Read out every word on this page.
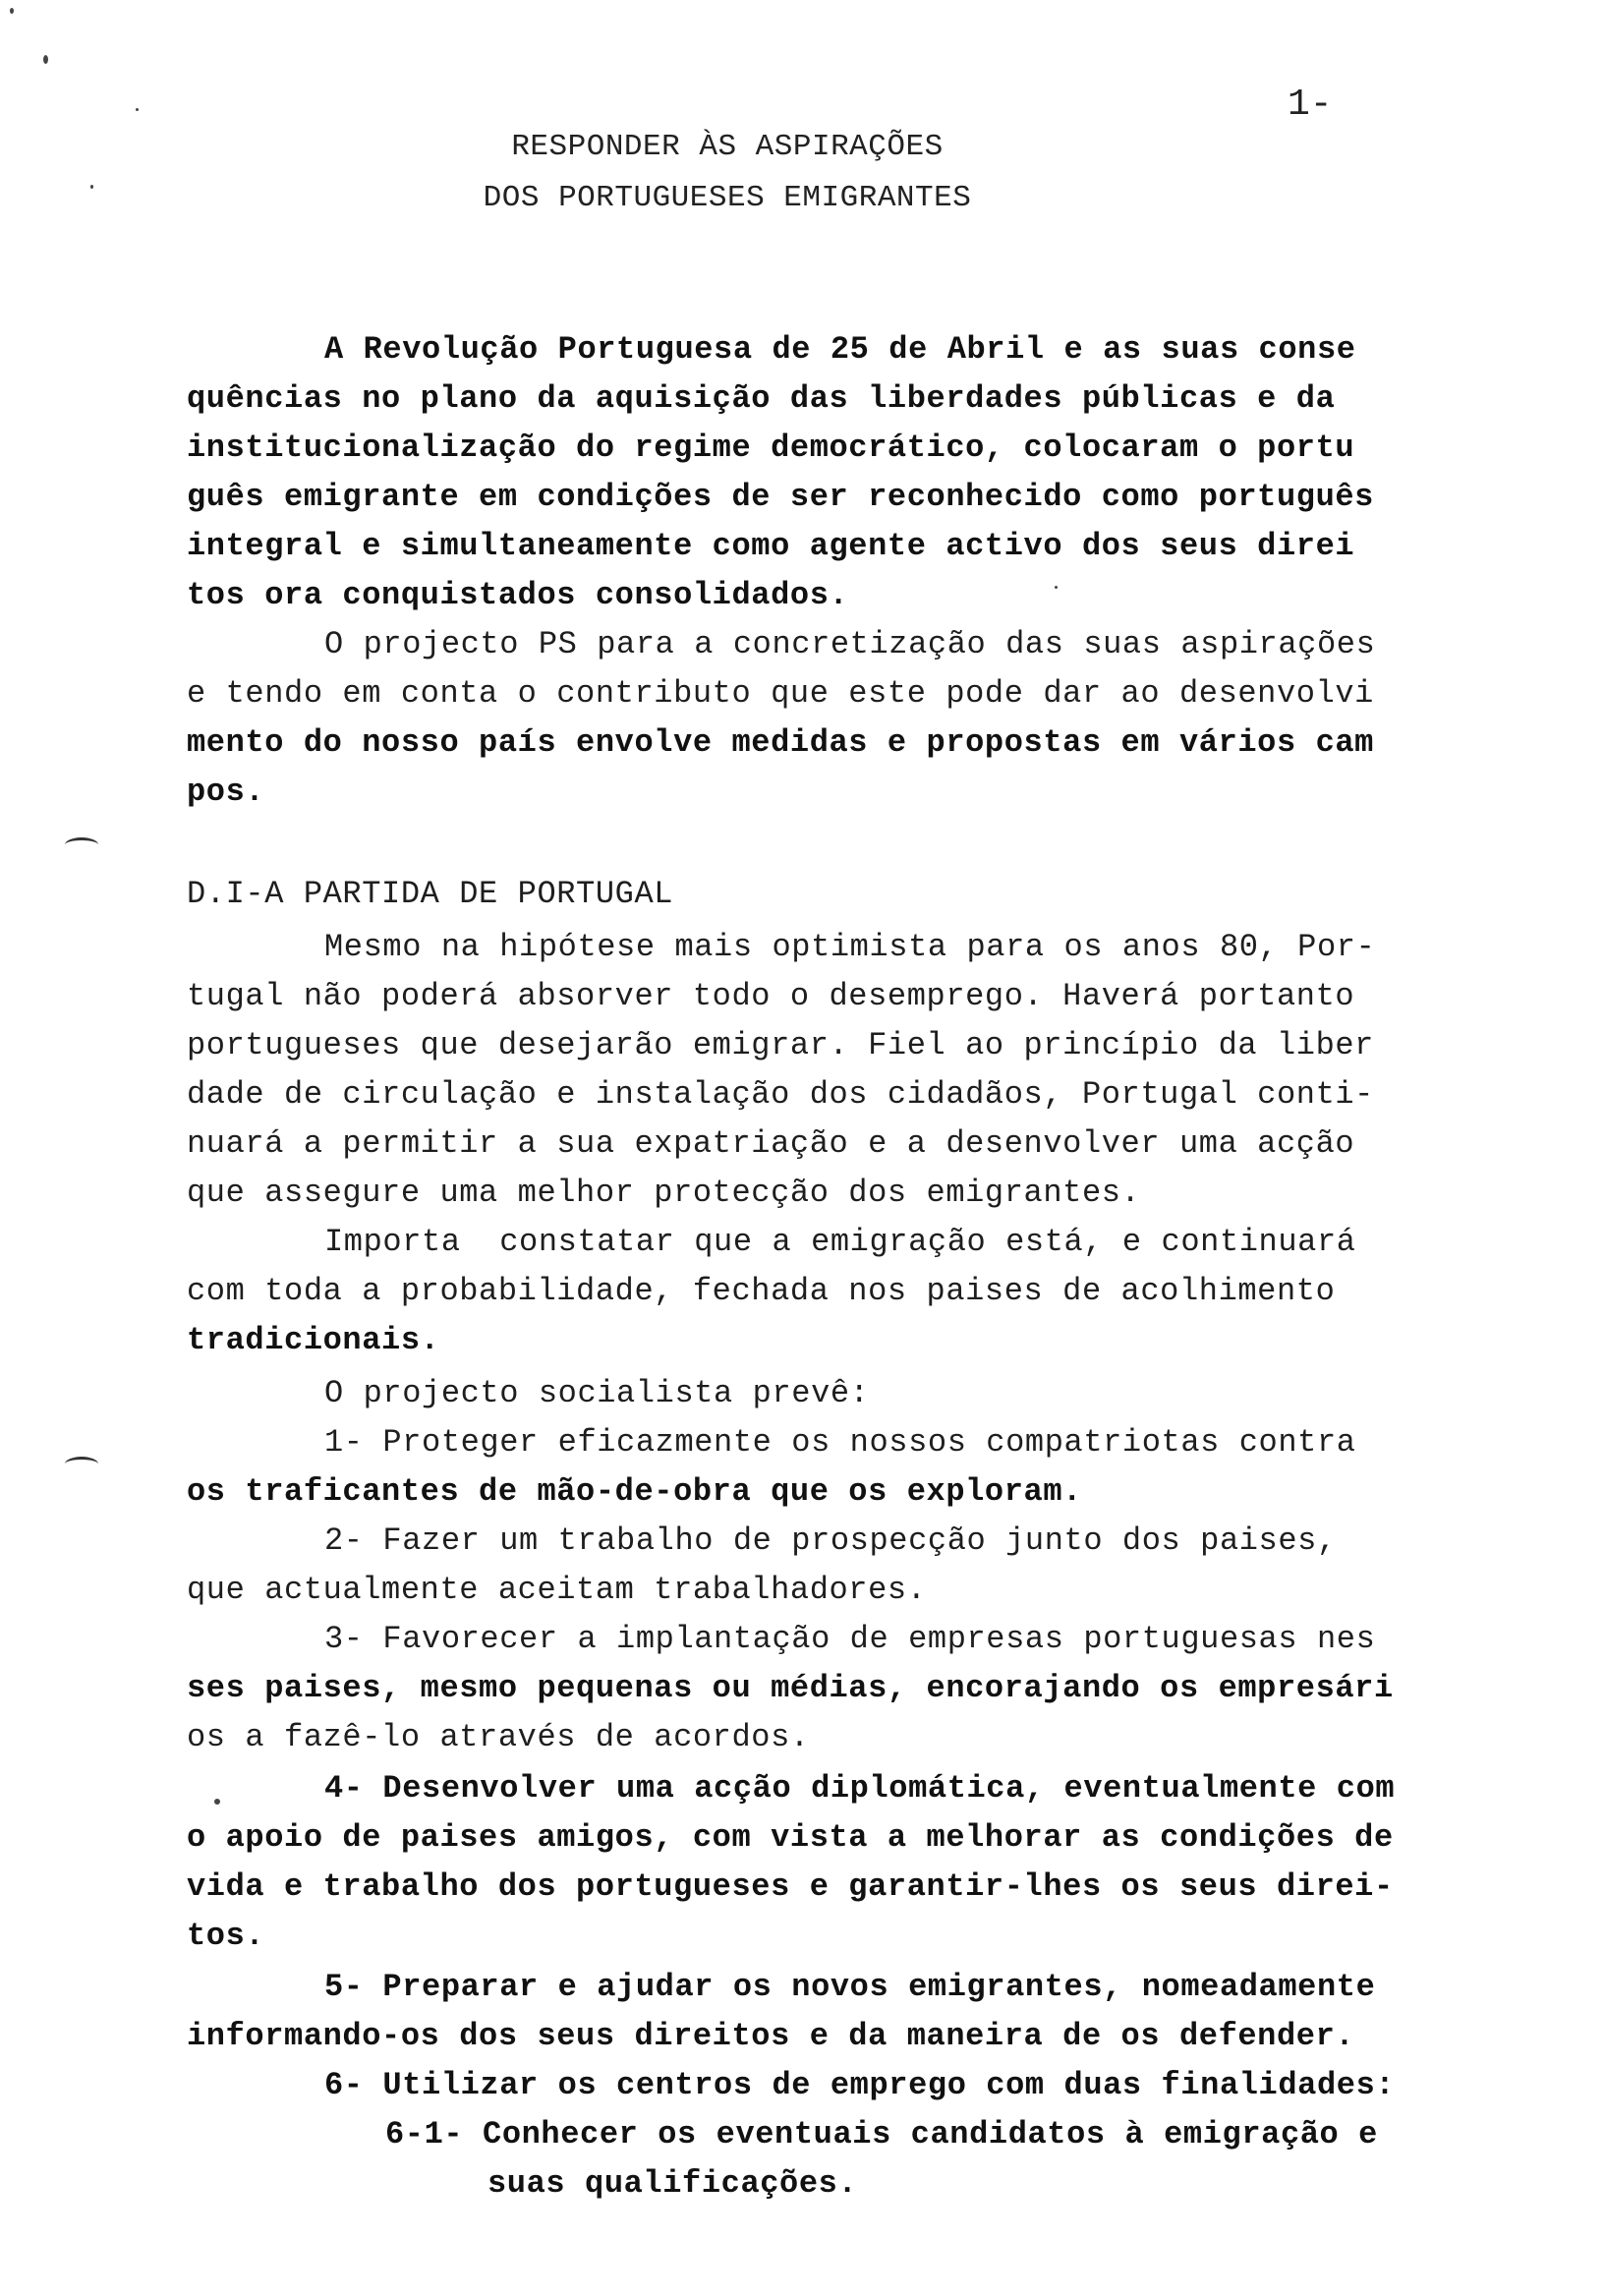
1-
RESPONDER ÀS ASPIRAÇÕES
DOS PORTUGUESES EMIGRANTES
A Revolução Portuguesa de 25 de Abril e as suas conse
quências no plano da aquisição das liberdades públicas e da
institucionalização do regime democrático, colocaram o portu
guês emigrante em condições de ser reconhecido como português
integral e simultaneamente como agente activo dos seus direi
tos ora conquistados consolidados.
O projecto PS para a concretização das suas aspirações
e tendo em conta o contributo que este pode dar ao desenvolvi
mento do nosso país envolve medidas e propostas em vários cam
pos.
D.I-A PARTIDA DE PORTUGAL
Mesmo na hipótese mais optimista para os anos 80, Por-
tugal não poderá absorver todo o desemprego. Haverá portanto
portugueses que desejarão emigrar. Fiel ao princípio da liber
dade de circulação e instalação dos cidadãos, Portugal conti-
nuará a permitir a sua expatriação e a desenvolver uma acção
que assegure uma melhor protecção dos emigrantes.
Importa  constatar que a emigração está, e continuará
com toda a probabilidade, fechada nos paises de acolhimento
tradicionais.
O projecto socialista prevê:
1- Proteger eficazmente os nossos compatriotas contra
os traficantes de mão-de-obra que os exploram.
2- Fazer um trabalho de prospecção junto dos paises,
que actualmente aceitam trabalhadores.
3- Favorecer a implantação de empresas portuguesas nes
ses paises, mesmo pequenas ou médias, encorajando os empresári
os a fazê-lo através de acordos.
4- Desenvolver uma acção diplomática, eventualmente com
o apoio de paises amigos, com vista a melhorar as condições de
vida e trabalho dos portugueses e garantir-lhes os seus direi-
tos.
5- Preparar e ajudar os novos emigrantes, nomeadamente
informando-os dos seus direitos e da maneira de os defender.
6- Utilizar os centros de emprego com duas finalidades:
6-1- Conhecer os eventuais candidatos à emigração e
suas qualificações.
